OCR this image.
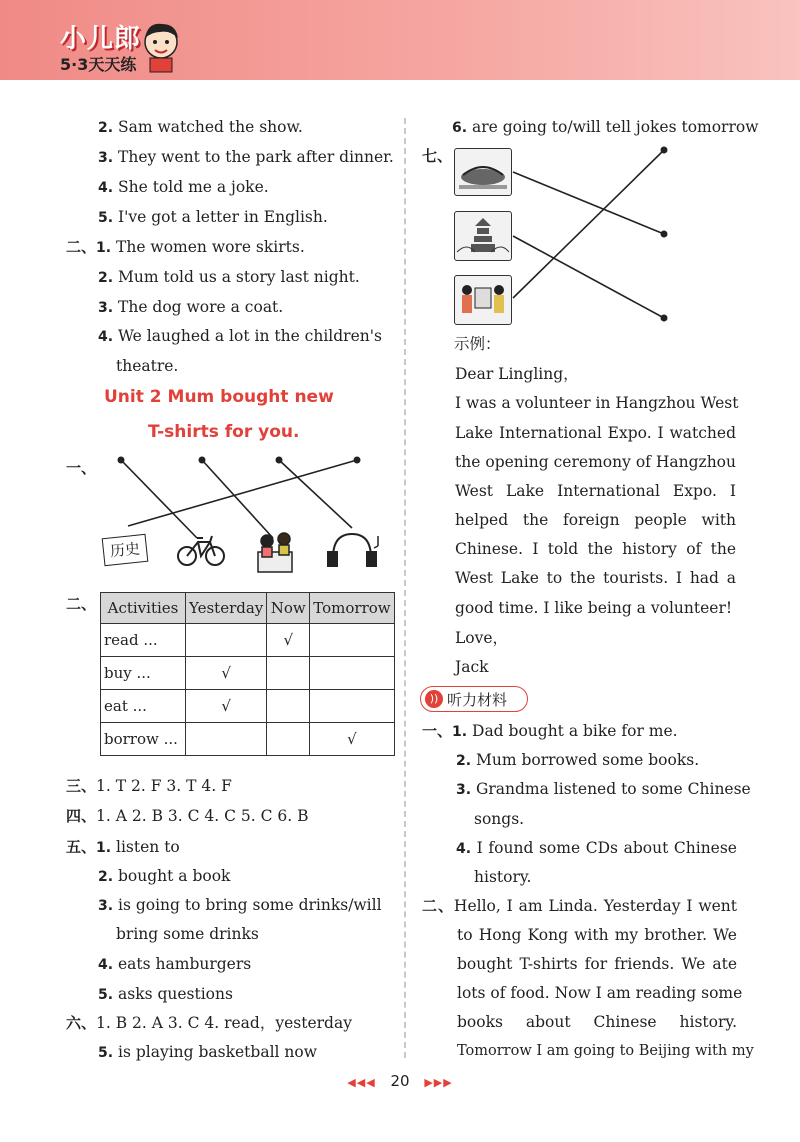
小儿郎
5·3天天练
2. Sam watched the show.
3. They went to the park after dinner.
4. She told me a joke.
5. I've got a letter in English.
二、1. The women wore skirts.
2. Mum told us a story last night.
3. The dog wore a coat.
4. We laughed a lot in the children's
theatre.
Unit 2 Mum bought new
T-shirts for you.
一、
历史
二、 Activities	Yesterday	Now	Tomorrow
read ...		√	
buy ...	√		
eat ...	√		
borrow ...			√
三、1. T 2. F 3. T 4. F
四、1. A 2. B 3. C 4. C 5. C 6. B
五、1. listen to
2. bought a book
3. is going to bring some drinks/will
bring some drinks
4. eats hamburgers
5. asks questions
六、1. B 2. A 3. C 4. read，yesterday
5. is playing basketball now
6. are going to/will tell jokes tomorrow
七、
示例：
Dear Lingling，
I was a volunteer in Hangzhou West
Lake International Expo. I watched
the opening ceremony of Hangzhou
West Lake International Expo. I
helped the foreign people with
Chinese. I told the history of the
West Lake to the tourists. I had a
good time. I like being a volunteer!
Love，
Jack
)) 听力材料
一、1. Dad bought a bike for me.
2. Mum borrowed some books.
3. Grandma listened to some Chinese
songs.
4. I found some CDs about Chinese
history.
二、Hello, I am Linda. Yesterday I went
to Hong Kong with my brother. We
bought T-shirts for friends. We ate
lots of food. Now I am reading some
books about Chinese history.
Tomorrow I am going to Beijing with my
◀◀◀ 20 ▶▶▶
